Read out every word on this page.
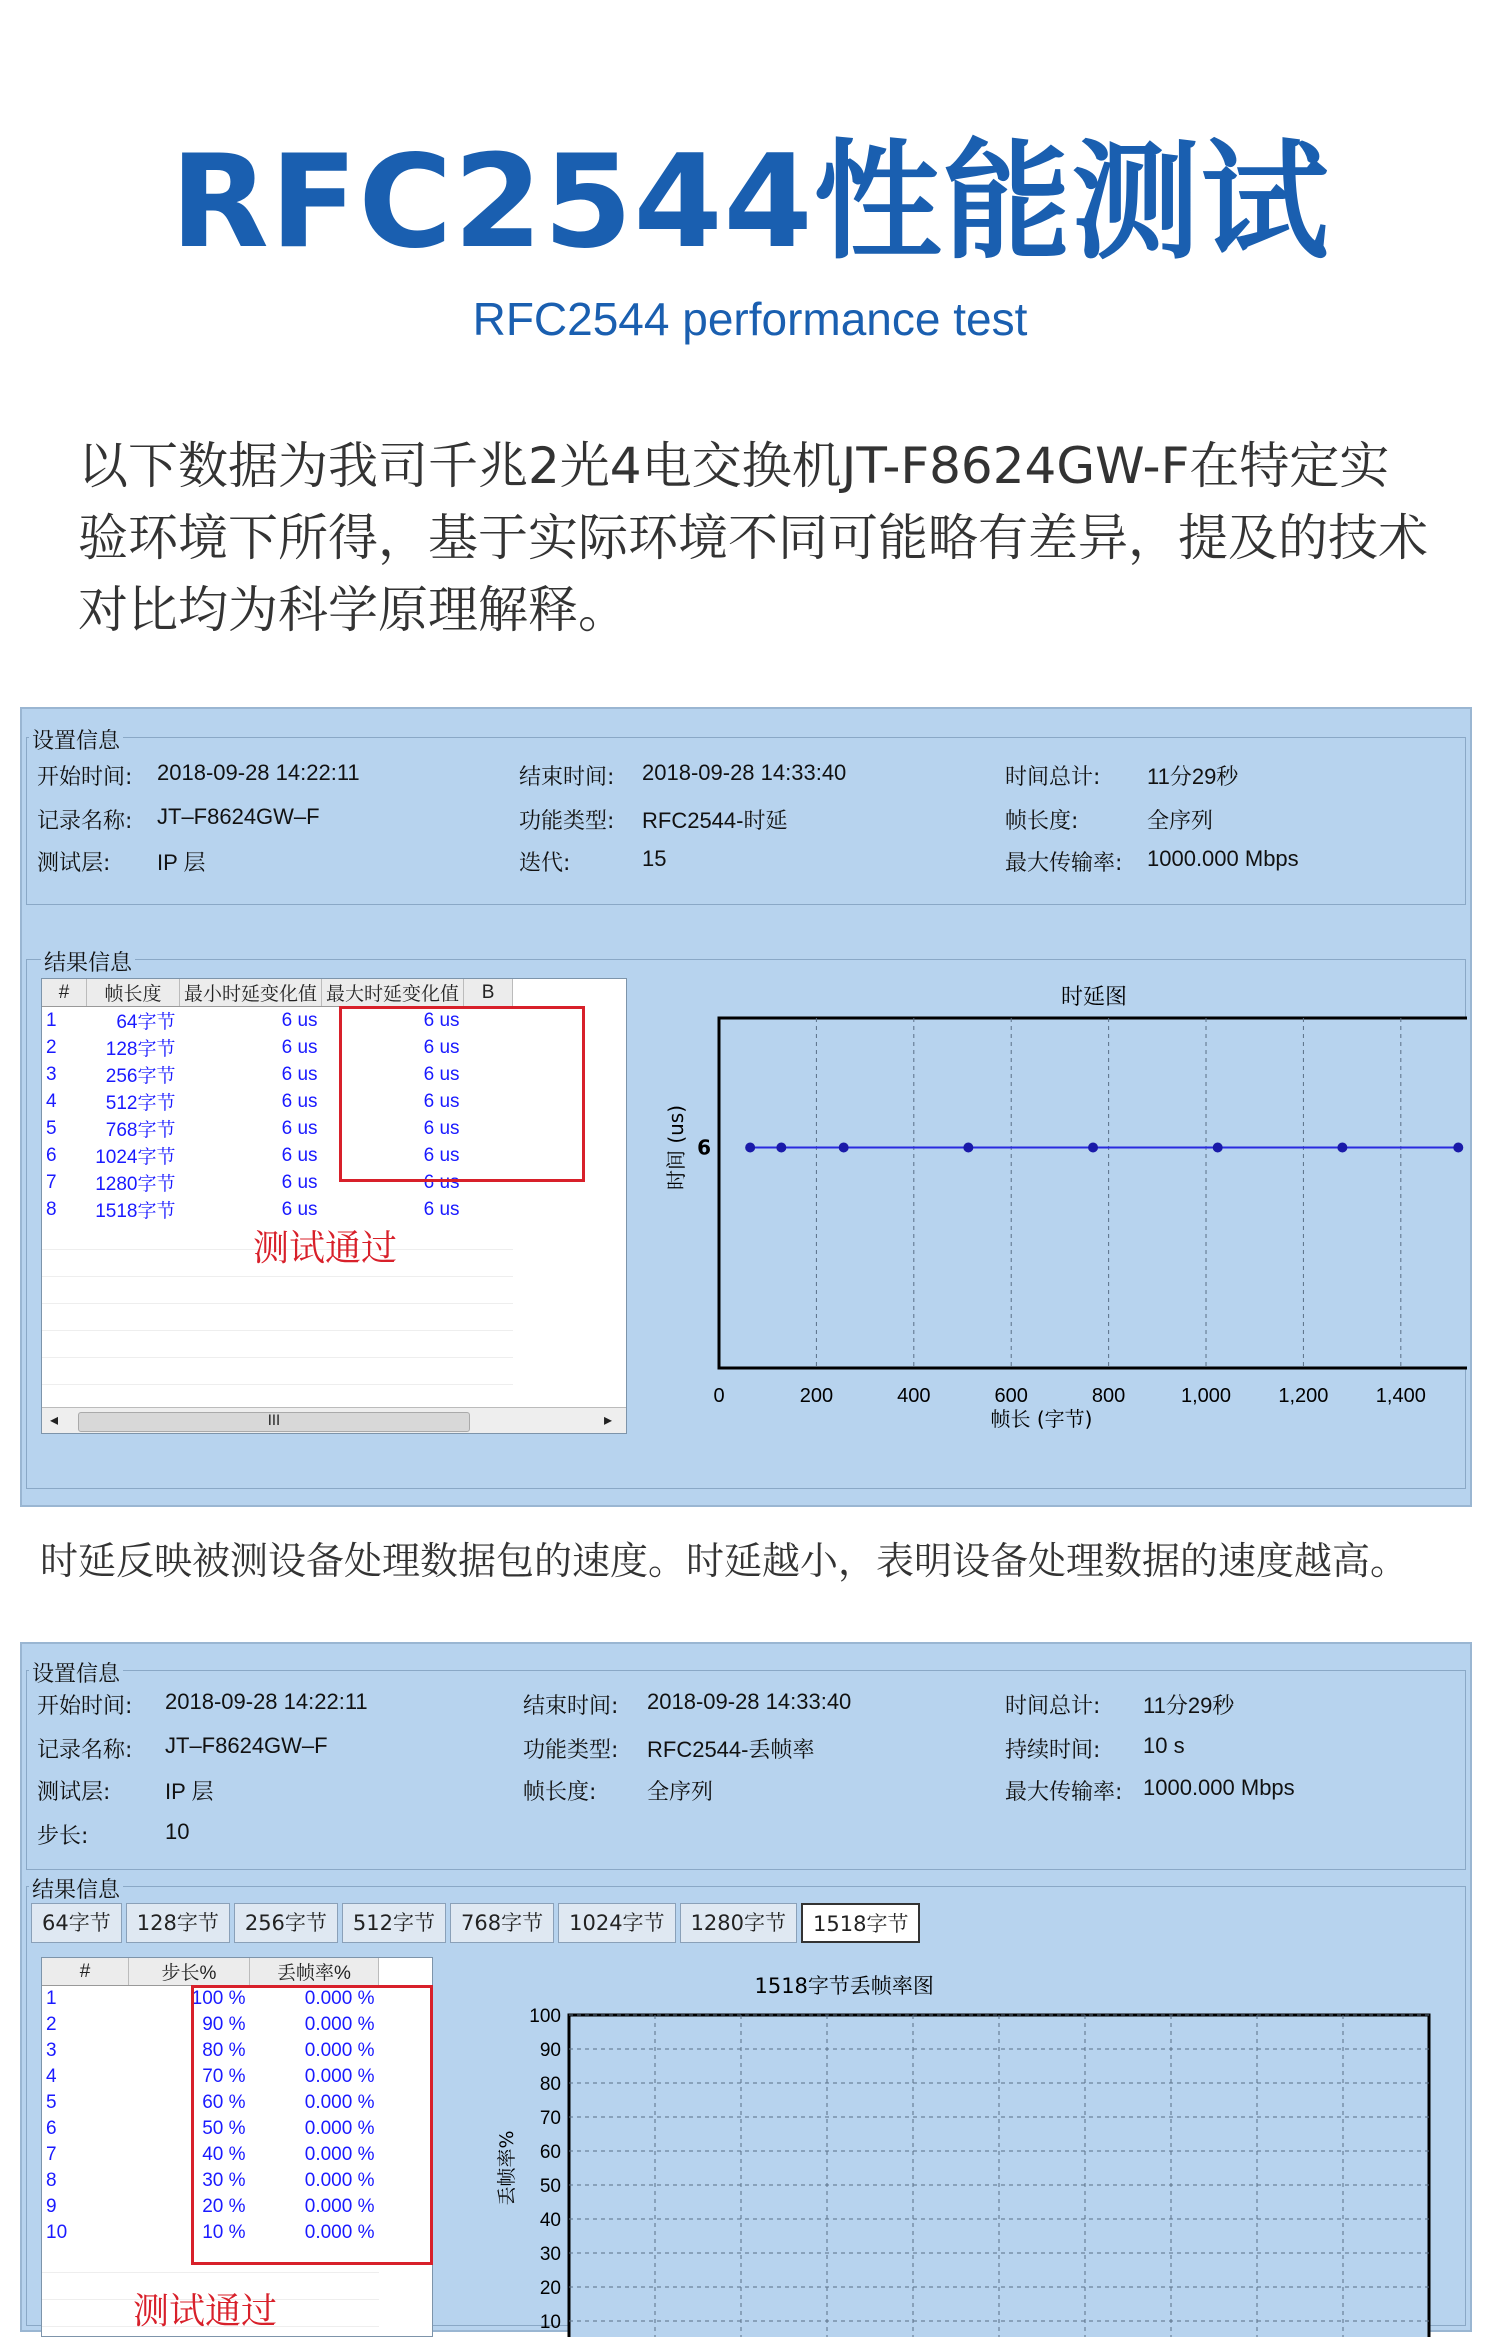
RFC2544性能测试
RFC2544 performance test
以下数据为我司千兆2光4电交换机JT-F8624GW-F在特定实验环境下所得，基于实际环境不同可能略有差异，提及的技术对比均为科学原理解释。
设置信息
开始时间: 2018-09-28 14:22:11	结束时间: 2018-09-28 14:33:40	时间总计: 11分29秒
记录名称: JT–F8624GW–F	功能类型: RFC2544-时延	帧长度:	全序列
测试层: IP 层	迭代:	15	最大传输率: 1000.000 Mbps
结果信息
#	帧长度	最小时延变化值	最大时延变化值	B
1	64字节	6 us	6 us	
2	128字节	6 us	6 us	
3	256字节	6 us	6 us	
4	512字节	6 us	6 us	
5	768字节	6 us	6 us	
6	1024字节	6 us	6 us	
7	1280字节	6 us	6 us	
8	1518字节	6 us	6 us	

◂	III	▸
测试通过
0	200	400	600	800	1,000 1,200 1,400
时延图
帧长 (字节)
时间 (us) 6
时延反映被测设备处理数据包的速度。时延越小，表明设备处理数据的速度越高。
设置信息
开始时间: 2018-09-28 14:22:11	结束时间: 2018-09-28 14:33:40	时间总计: 11分29秒
记录名称: JT–F8624GW–F	功能类型: RFC2544-丢帧率	持续时间: 10 s
测试层: IP 层	帧长度: 全序列	最大传输率: 1000.000 Mbps
步长:	10
结果信息
64字节	128字节	256字节	512字节	768字节	1024字节	1280字节	1518字节
#	步长%	丢帧率%
1	100 %	0.000 %
2	90 %	0.000 %
3	80 %	0.000 %
4	70 %	0.000 %
5	60 %	0.000 %
6	50 %	0.000 %
7	40 %	0.000 %
8	30 %	0.000 %
9	20 %	0.000 %
10	10 %	0.000 %

测试通过	10
20
30
40
50
60
70
80
90
100
1518字节丢帧率图
丢帧率%
